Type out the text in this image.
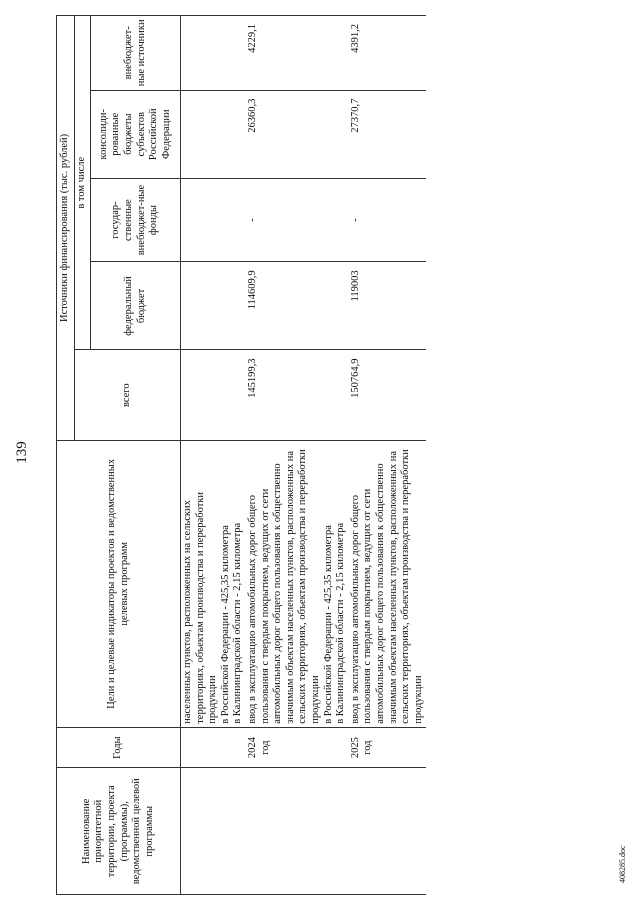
139
Наименование приоритетной территории, проекта (программы), ведомственной целевой программы	Годы	Цели и целевые индикаторы проектов и ведомственных целевых программ	Источники финансирования (тыс. рублей)				
			всего	в том числе			
				федеральный бюджет	государ-ственные внебюджет-ные фонды	консолиди-рованные бюджеты субъектов Российской Федерации	внебюджет-ные источники

		населенных пунктов, расположенных на сельских территориях, объектам производства и переработки продукции в Российской Федерации - 425,35 километра в Калининградской области - 2,15 километра					

	2024 год	ввод в эксплуатацию автомобильных дорог общего пользования с твердым покрытием, ведущих от сети автомобильных дорог общего пользования к общественно значимым объектам населенных пунктов, расположенных на сельских территориях, объектам производства и переработки продукции в Российской Федерации - 425,35 километра в Калининградской области - 2,15 километра	145199,3	114609,9	-	26360,3	4229,1
	2025 год	ввод в эксплуатацию автомобильных дорог общего пользования с твердым покрытием, ведущих от сети автомобильных дорог общего пользования к общественно значимым объектам населенных пунктов, расположенных на сельских территориях, объектам производства и переработки продукции	150764,9	119003	-	27370,7	4391,2
408285.doc
